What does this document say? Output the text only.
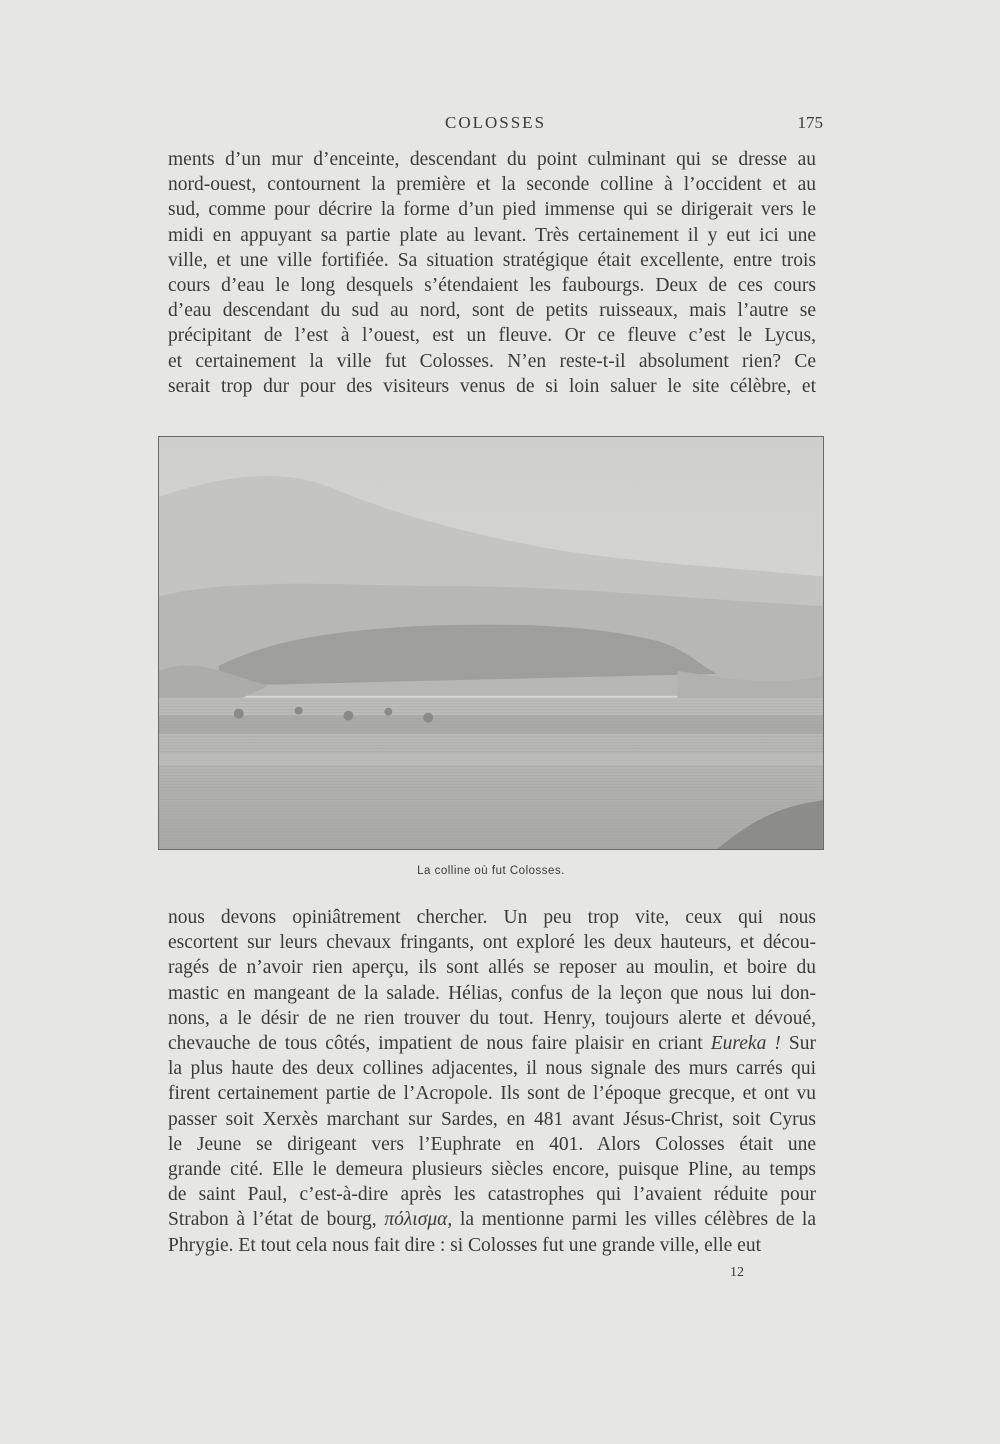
COLOSSES	175

ments d’un mur d’enceinte, descendant du point culminant qui se dresse au
nord-ouest, contournent la première et la seconde colline à l’occident et au
sud, comme pour décrire la forme d’un pied immense qui se dirigerait vers le
midi en appuyant sa partie plate au levant. Très certainement il y eut ici une
ville, et une ville fortifiée. Sa situation stratégique était excellente, entre trois
cours d’eau le long desquels s’étendaient les faubourgs. Deux de ces cours
d’eau descendant du sud au nord, sont de petits ruisseaux, mais l’autre se
précipitant de l’est à l’ouest, est un fleuve. Or ce fleuve c’est le Lycus,
et certainement la ville fut Colosses. N’en reste-t-il absolument rien? Ce
serait trop dur pour des visiteurs venus de si loin saluer le site célèbre, et

La colline où fut Colosses.

nous devons opiniâtrement chercher. Un peu trop vite, ceux qui nous
escortent sur leurs chevaux fringants, ont exploré les deux hauteurs, et décou-
ragés de n’avoir rien aperçu, ils sont allés se reposer au moulin, et boire du
mastic en mangeant de la salade. Hélias, confus de la leçon que nous lui don-
nons, a le désir de ne rien trouver du tout. Henry, toujours alerte et dévoué,
chevauche de tous côtés, impatient de nous faire plaisir en criant Eureka ! Sur
la plus haute des deux collines adjacentes, il nous signale des murs carrés qui
firent certainement partie de l’Acropole. Ils sont de l’époque grecque, et ont vu
passer soit Xerxès marchant sur Sardes, en 481 avant Jésus-Christ, soit Cyrus
le Jeune se dirigeant vers l’Euphrate en 401. Alors Colosses était une
grande cité. Elle le demeura plusieurs siècles encore, puisque Pline, au temps
de saint Paul, c’est-à-dire après les catastrophes qui l’avaient réduite pour
Strabon à l’état de bourg, πόλισμα, la mentionne parmi les villes célèbres de la
Phrygie. Et tout cela nous fait dire : si Colosses fut une grande ville, elle eut

12
